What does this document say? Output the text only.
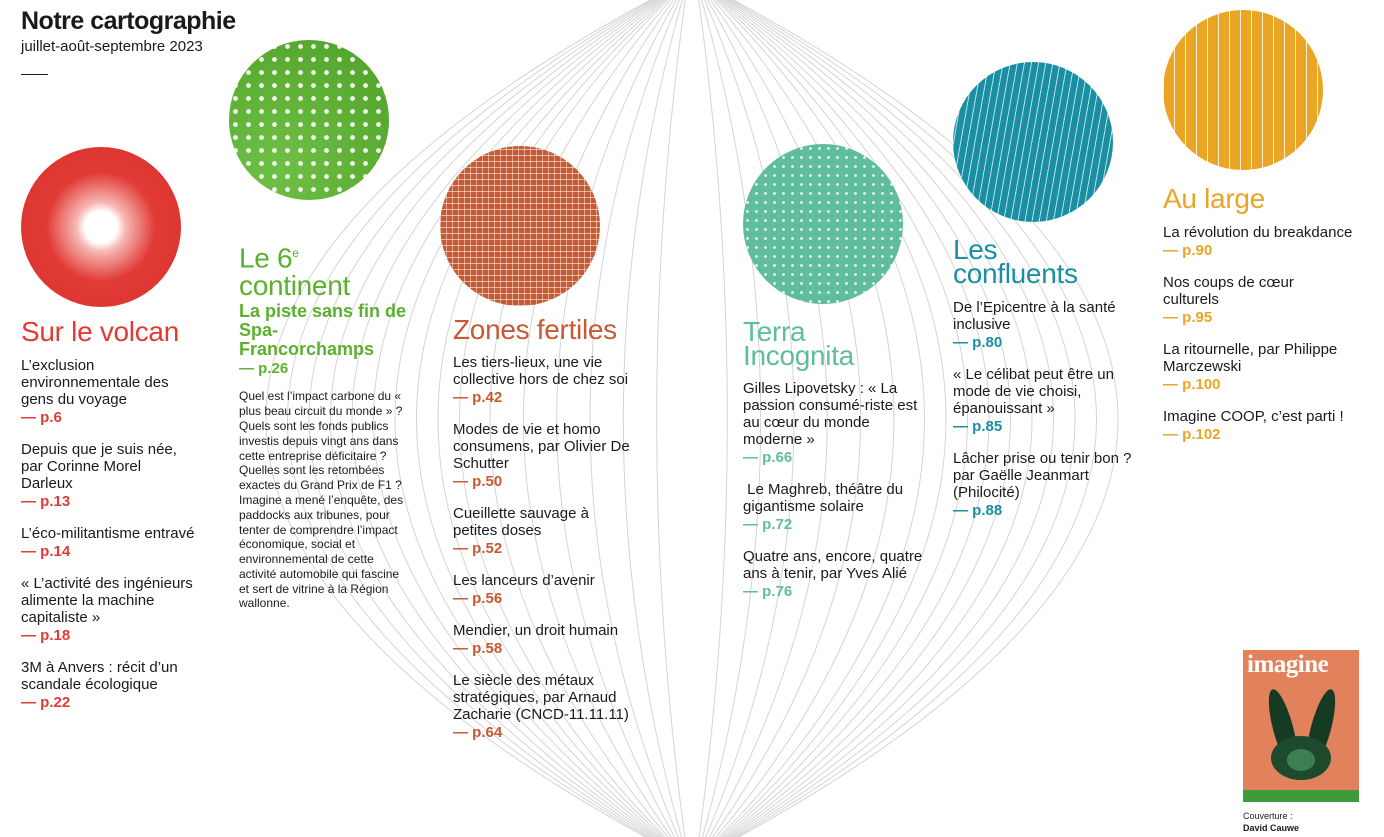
Notre cartographie
juillet-août-septembre 2023
Sur le volcan
L’exclusion environnementale des gens du voyage
— p.6
Depuis que je suis née, par Corinne Morel Darleux
— p.13
L’éco-militantisme entravé
— p.14
« L’activité des ingénieurs alimente la machine capitaliste »
— p.18
3M à Anvers : récit d’un scandale écologique
— p.22
Le 6e
continent
La piste sans fin de Spa-Francorchamps
— p.26
Quel est l’impact carbone du « plus beau circuit du monde » ? Quels sont les fonds publics investis depuis vingt ans dans cette entreprise déficitaire ? Quelles sont les retombées exactes du Grand Prix de F1 ? Imagine a mené l’enquête, des paddocks aux tribunes, pour tenter de comprendre l’impact économique, social et environnemental de cette activité automobile qui fascine et sert de vitrine à la Région wallonne.
Zones fertiles
Les tiers-lieux, une vie collective hors de chez soi
— p.42
Modes de vie et homo consumens, par Olivier De Schutter
— p.50
Cueillette sauvage à petites doses
— p.52
Les lanceurs d’avenir
— p.56
Mendier, un droit humain
— p.58
Le siècle des métaux stratégiques, par Arnaud Zacharie (CNCD-11.11.11)
— p.64
Terra
Incognita
Gilles Lipovetsky : « La passion consumé-riste est au cœur du monde moderne »
— p.66
Le Maghreb, théâtre du gigantisme solaire
— p.72
Quatre ans, encore, quatre ans à tenir, par Yves Alié
— p.76
Les
confluents
De l’Epicentre à la santé inclusive
— p.80
« Le célibat peut être un mode de vie choisi, épanouissant »
— p.85
Lâcher prise ou tenir bon ? par Gaëlle Jeanmart (Philocité)
— p.88
Au large
La révolution du breakdance
— p.90
Nos coups de cœur culturels
— p.95
La ritournelle, par Philippe Marczewski
— p.100
Imagine COOP, c’est parti !
— p.102
imagine
Couverture :
David Cauwe
